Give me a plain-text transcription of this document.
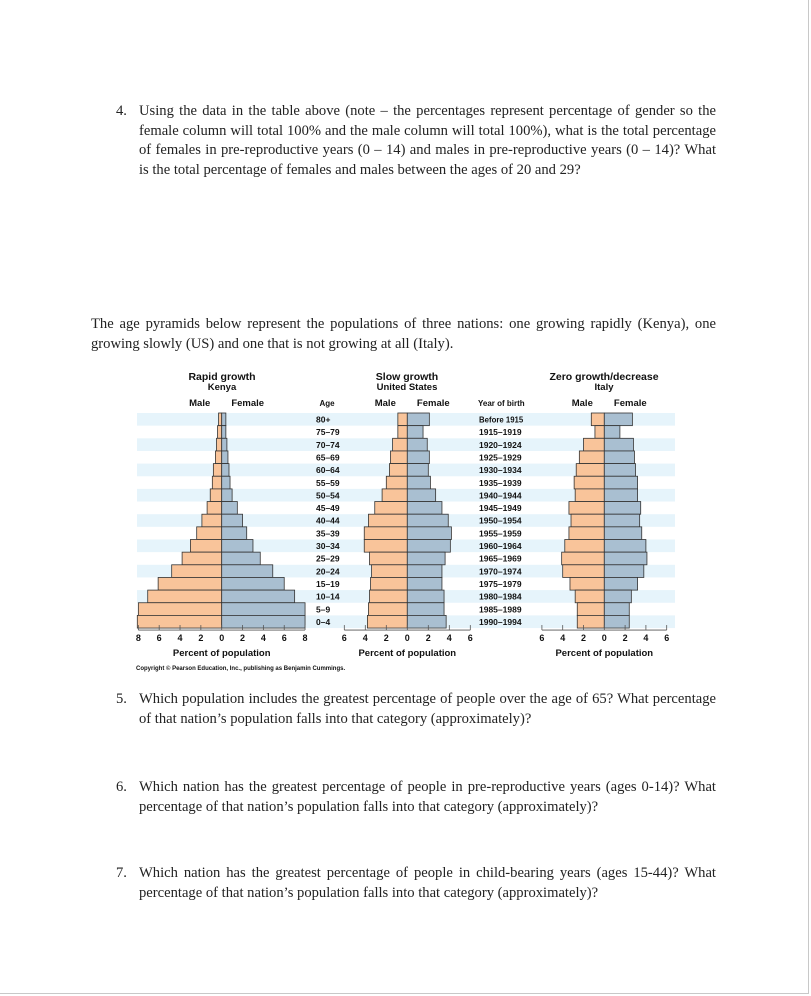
4. Using the data in the table above (note – the percentages represent percentage of gender so the female column will total 100% and the male column will total 100%), what is the total percentage of females in pre-reproductive years (0 – 14) and males in pre-reproductive years (0 – 14)? What is the total percentage of females and males between the ages of 20 and 29?
The age pyramids below represent the populations of three nations: one growing rapidly (Kenya), one growing slowly (US) and one that is not growing at all (Italy).
Rapid growth
Kenya
Male Female
8 6 4 2 0 2 4 6 8
Percent of population
Slow growth
United States
Male Female
6 4 2 0 2 4 6
Percent of population
Zero growth/decrease
Italy
Male Female
6 4 2 0 2 4 6
Percent of population
Age	Year of birth
80+
75–79
70–74
65–69
60–64
55–59
50–54
45–49
40–44
35–39
30–34
25–29
20–24
15–19
10–14
5–9
0–4
Before 1915
1915–1919
1920–1924
1925–1929
1930–1934
1935–1939
1940–1944
1945–1949
1950–1954
1955–1959
1960–1964
1965–1969
1970–1974
1975–1979
1980–1984
1985–1989
1990–1994
Copyright © Pearson Education, Inc., publishing as Benjamin Cummings.
5. Which population includes the greatest percentage of people over the age of 65? What percentage of that nation’s population falls into that category (approximately)?
6. Which nation has the greatest percentage of people in pre-reproductive years (ages 0-14)? What percentage of that nation’s population falls into that category (approximately)?
7. Which nation has the greatest percentage of people in child-bearing years (ages 15-44)? What percentage of that nation’s population falls into that category (approximately)?
